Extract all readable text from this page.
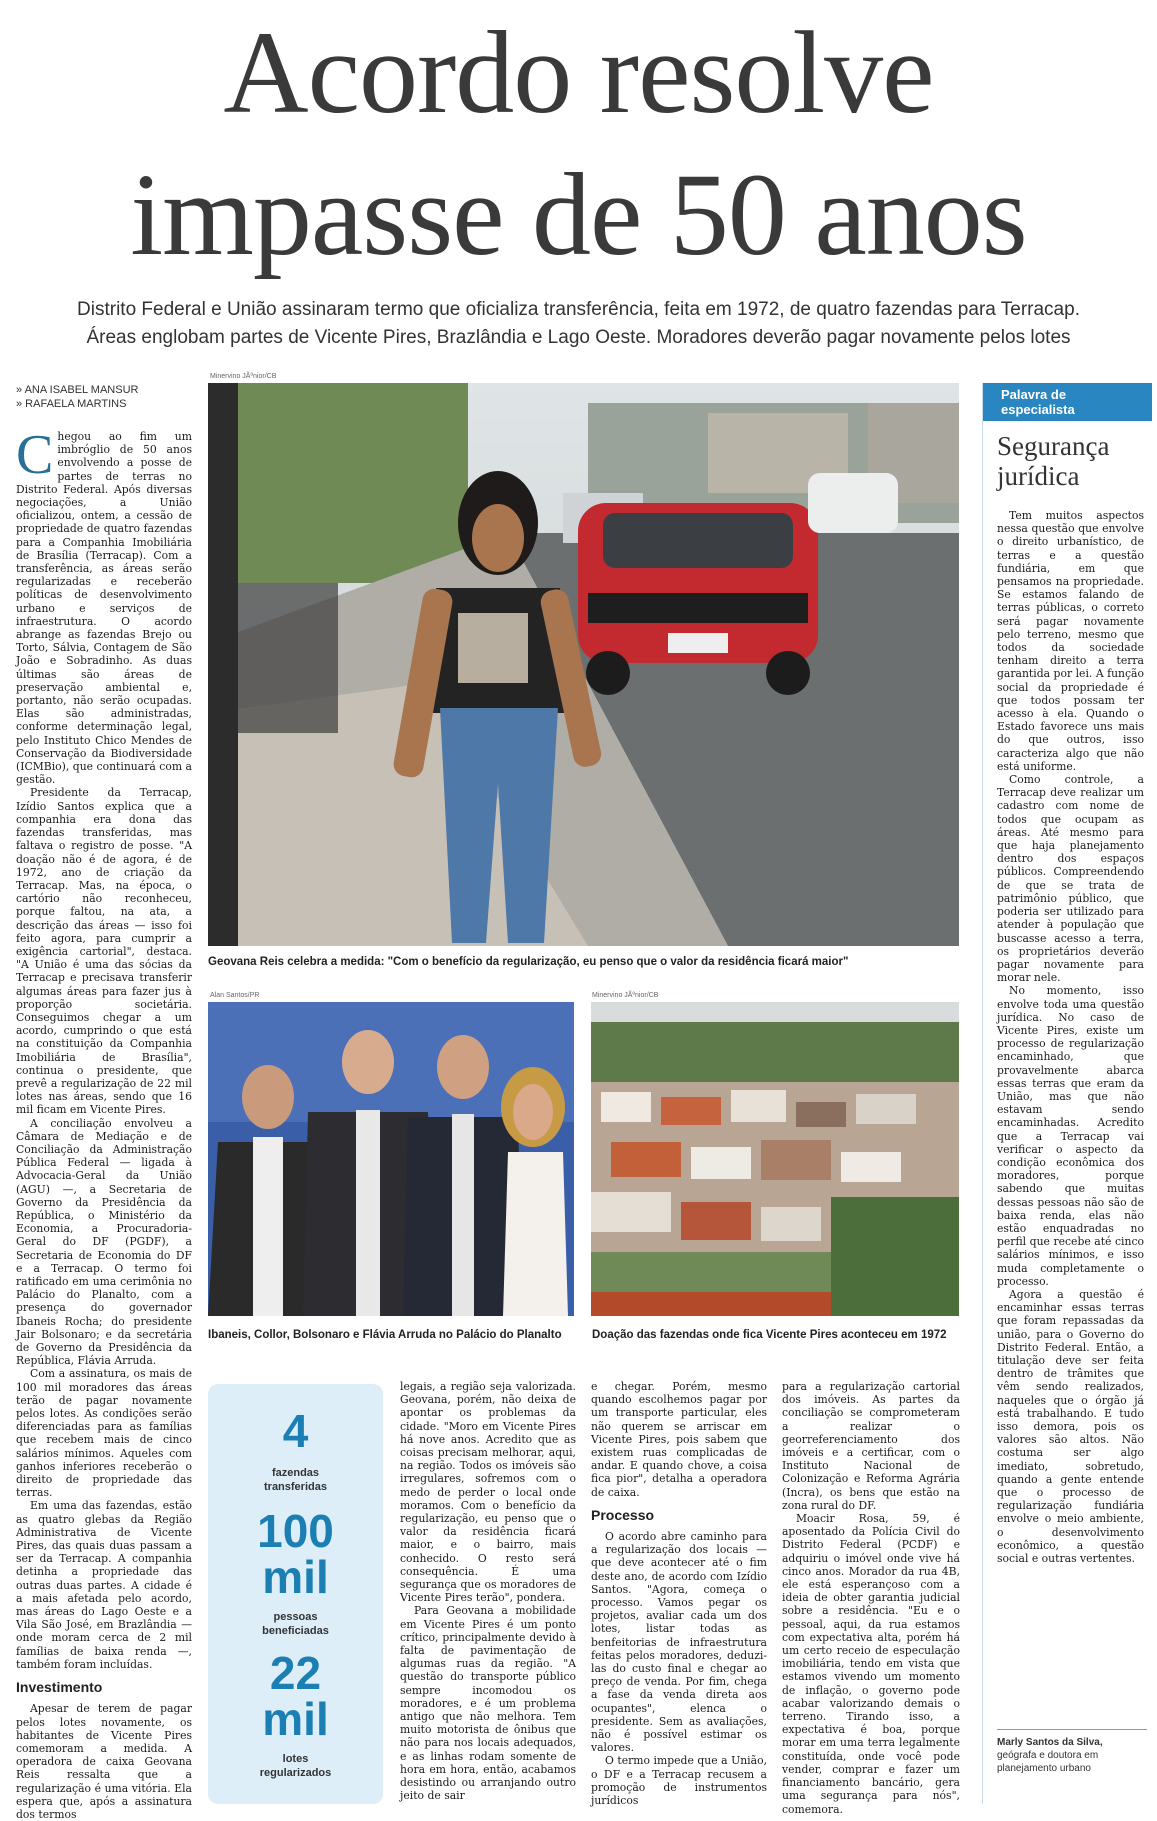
Acordo resolve
impasse de 50 anos
Distrito Federal e União assinaram termo que oficializa transferência, feita em 1972, de quatro fazendas para Terracap.
Áreas englobam partes de Vicente Pires, Brazlândia e Lago Oeste. Moradores deverão pagar novamente pelos lotes
» ANA ISABEL MANSUR
» RAFAELA MARTINS
Minervino JÃºnior/CB
Geovana Reis celebra a medida: "Com o benefício da regularização, eu penso que o valor da residência ficará maior"
Alan Santos/PR
Ibaneis, Collor, Bolsonaro e Flávia Arruda no Palácio do Planalto
Minervino JÃºnior/CB
Doação das fazendas onde fica Vicente Pires aconteceu em 1972
C hegou ao fim um imbróglio de 50 anos envolvendo a posse de partes de terras no Distrito Federal. Após diversas negociações, a União oficializou, ontem, a cessão de propriedade de quatro fazendas para a Companhia Imobiliária de Brasília (Terracap). Com a transferência, as áreas serão regularizadas e receberão políticas de desenvolvimento urbano e serviços de infraestrutura. O acordo abrange as fazendas Brejo ou Torto, Sálvia, Contagem de São João e Sobradinho. As duas últimas são áreas de preservação ambiental e, portanto, não serão ocupadas. Elas são administradas, conforme determinação legal, pelo Instituto Chico Mendes de Conservação da Biodiversidade (ICMBio), que continuará com a gestão.

Presidente da Terracap, Izídio Santos explica que a companhia era dona das fazendas transferidas, mas faltava o registro de posse. "A doação não é de agora, é de 1972, ano de criação da Terracap. Mas, na época, o cartório não reconheceu, porque faltou, na ata, a descrição das áreas — isso foi feito agora, para cumprir a exigência cartorial", destaca. "A União é uma das sócias da Terracap e precisava transferir algumas áreas para fazer jus à proporção societária. Conseguimos chegar a um acordo, cumprindo o que está na constituição da Companhia Imobiliária de Brasília", continua o presidente, que prevê a regularização de 22 mil lotes nas áreas, sendo que 16 mil ficam em Vicente Pires.

A conciliação envolveu a Câmara de Mediação e de Conciliação da Administração Pública Federal — ligada à Advocacia-Geral da União (AGU) —, a Secretaria de Governo da Presidência da República, o Ministério da Economia, a Procuradoria-Geral do DF (PGDF), a Secretaria de Economia do DF e a Terracap. O termo foi ratificado em uma cerimônia no Palácio do Planalto, com a presença do governador Ibaneis Rocha; do presidente Jair Bolsonaro; e da secretária de Governo da Presidência da República, Flávia Arruda.

Com a assinatura, os mais de 100 mil moradores das áreas terão de pagar novamente pelos lotes. As condições serão diferenciadas para as famílias que recebem mais de cinco salários mínimos. Aqueles com ganhos inferiores receberão o direito de propriedade das terras.

Em uma das fazendas, estão as quatro glebas da Região Administrativa de Vicente Pires, das quais duas passam a ser da Terracap. A companhia detinha a propriedade das outras duas partes. A cidade é a mais afetada pelo acordo, mas áreas do Lago Oeste e a Vila São José, em Brazlândia — onde moram cerca de 2 mil famílias de baixa renda —, também foram incluídas.

Investimento

Apesar de terem de pagar pelos lotes novamente, os habitantes de Vicente Pires comemoram a medida. A operadora de caixa Geovana Reis ressalta que a regularização é uma vitória. Ela espera que, após a assinatura dos termos

4
fazendas transferidas
100 mil
pessoas beneficiadas
22 mil
lotes regularizados

legais, a região seja valorizada. Geovana, porém, não deixa de apontar os problemas da cidade. "Moro em Vicente Pires há nove anos. Acredito que as coisas precisam melhorar, aqui, na região. Todos os imóveis são irregulares, sofremos com o medo de perder o local onde moramos. Com o benefício da regularização, eu penso que o valor da residência ficará maior, e o bairro, mais conhecido. O resto será consequência. É uma segurança que os moradores de Vicente Pires terão", pondera.

Para Geovana a mobilidade em Vicente Pires é um ponto crítico, principalmente devido à falta de pavimentação de algumas ruas da região. "A questão do transporte público sempre incomodou os moradores, e é um problema antigo que não melhora. Tem muito motorista de ônibus que não para nos locais adequados, e as linhas rodam somente de hora em hora, então, acabamos desistindo ou arranjando outro jeito de sair

e chegar. Porém, mesmo quando escolhemos pagar por um transporte particular, eles não querem se arriscar em Vicente Pires, pois sabem que existem ruas complicadas de andar. E quando chove, a coisa fica pior", detalha a operadora de caixa.

Processo

O acordo abre caminho para a regularização dos locais — que deve acontecer até o fim deste ano, de acordo com Izídio Santos. "Agora, começa o processo. Vamos pegar os projetos, avaliar cada um dos lotes, listar todas as benfeitorias de infraestrutura feitas pelos moradores, deduzi-las do custo final e chegar ao preço de venda. Por fim, chega a fase da venda direta aos ocupantes", elenca o presidente. Sem as avaliações, não é possível estimar os valores.

O termo impede que a União, o DF e a Terracap recusem a promoção de instrumentos jurídicos

para a regularização cartorial dos imóveis. As partes da conciliação se comprometeram a realizar o georreferenciamento dos imóveis e a certificar, com o Instituto Nacional de Colonização e Reforma Agrária (Incra), os bens que estão na zona rural do DF.

Moacir Rosa, 59, é aposentado da Polícia Civil do Distrito Federal (PCDF) e adquiriu o imóvel onde vive há cinco anos. Morador da rua 4B, ele está esperançoso com a ideia de obter garantia judicial sobre a residência. "Eu e o pessoal, aqui, da rua estamos com expectativa alta, porém há um certo receio de especulação imobiliária, tendo em vista que estamos vivendo um momento de inflação, o governo pode acabar valorizando demais o terreno. Tirando isso, a expectativa é boa, porque morar em uma terra legalmente constituída, onde você pode vender, comprar e fazer um financiamento bancário, gera uma segurança para nós", comemora.

Palavra de especialista
Segurança jurídica

Tem muitos aspectos nessa questão que envolve o direito urbanístico, de terras e a questão fundiária, em que pensamos na propriedade. Se estamos falando de terras públicas, o correto será pagar novamente pelo terreno, mesmo que todos da sociedade tenham direito a terra garantida por lei. A função social da propriedade é que todos possam ter acesso à ela. Quando o Estado favorece uns mais do que outros, isso caracteriza algo que não está uniforme.

Como controle, a Terracap deve realizar um cadastro com nome de todos que ocupam as áreas. Até mesmo para que haja planejamento dentro dos espaços públicos. Compreendendo de que se trata de patrimônio público, que poderia ser utilizado para atender à população que buscasse acesso a terra, os proprietários deverão pagar novamente para morar nele.

No momento, isso envolve toda uma questão jurídica. No caso de Vicente Pires, existe um processo de regularização encaminhado, que provavelmente abarca essas terras que eram da União, mas que não estavam sendo encaminhadas. Acredito que a Terracap vai verificar o aspecto da condição econômica dos moradores, porque sabendo que muitas dessas pessoas não são de baixa renda, elas não estão enquadradas no perfil que recebe até cinco salários mínimos, e isso muda completamente o processo.

Agora a questão é encaminhar essas terras que foram repassadas da união, para o Governo do Distrito Federal. Então, a titulação deve ser feita dentro de trâmites que vêm sendo realizados, naqueles que o órgão já está trabalhando. E tudo isso demora, pois os valores são altos. Não costuma ser algo imediato, sobretudo, quando a gente entende que o processo de regularização fundiária envolve o meio ambiente, o desenvolvimento econômico, a questão social e outras vertentes.

Marly Santos da Silva,
geógrafa e doutora em planejamento urbano
